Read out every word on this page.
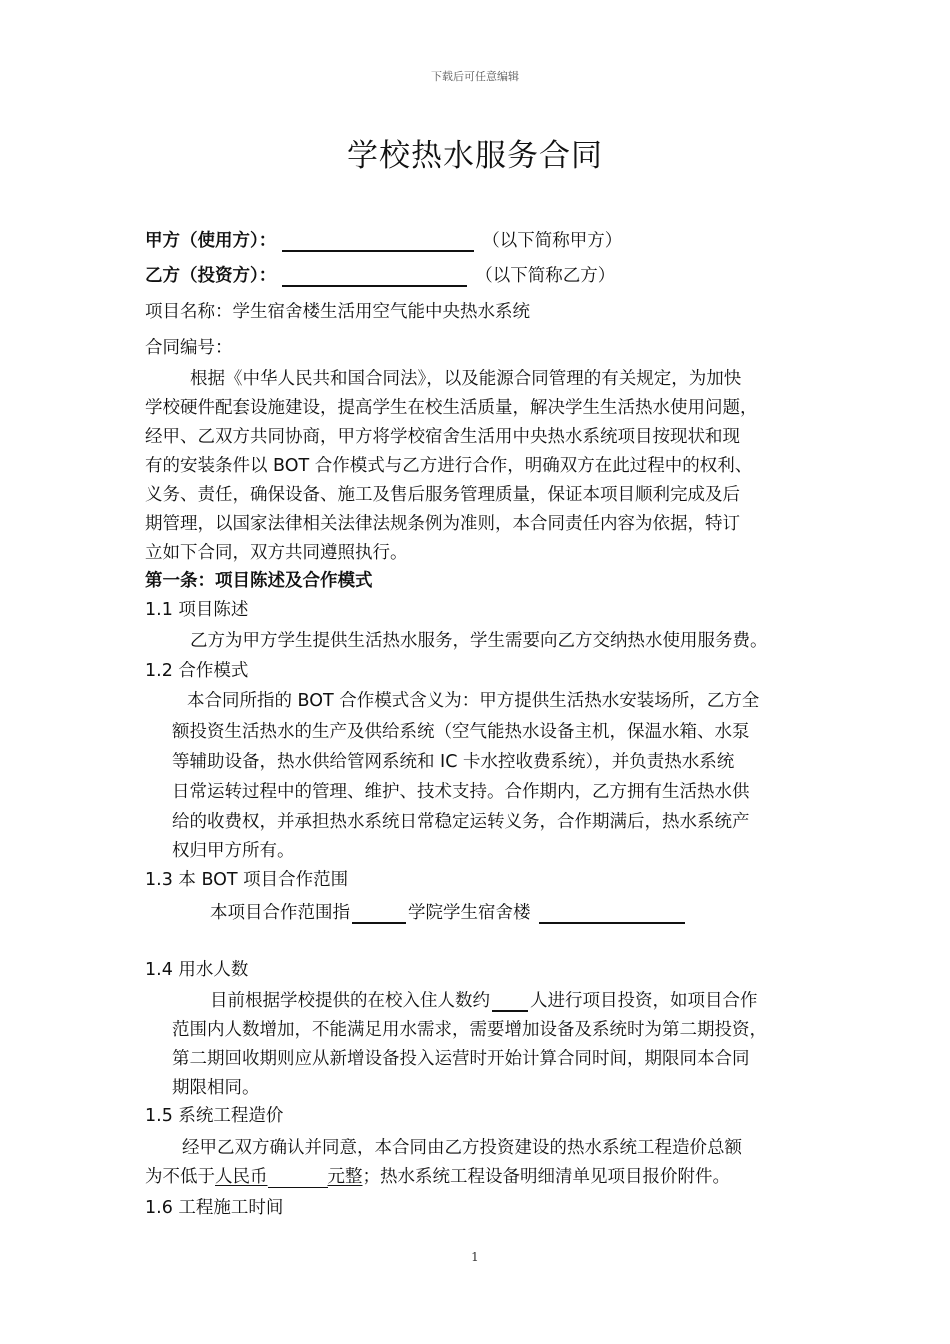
下载后可任意编辑
学校热水服务合同
甲方（使用方）：	（以下简称甲方）
乙方（投资方）：	（以下简称乙方）
项目名称：学生宿舍楼生活用空气能中央热水系统
合同编号：
根据《中华人民共和国合同法》，以及能源合同管理的有关规定，为加快
学校硬件配套设施建设，提高学生在校生活质量，解决学生生活热水使用问题，
经甲、乙双方共同协商，甲方将学校宿舍生活用中央热水系统项目按现状和现
有的安装条件以 BOT 合作模式与乙方进行合作，明确双方在此过程中的权利、
义务、责任，确保设备、施工及售后服务管理质量，保证本项目顺利完成及后
期管理，以国家法律相关法律法规条例为准则，本合同责任内容为依据，特订
立如下合同，双方共同遵照执行。
第一条：项目陈述及合作模式
1.1 项目陈述
乙方为甲方学生提供生活热水服务，学生需要向乙方交纳热水使用服务费。
1.2 合作模式
本合同所指的 BOT 合作模式含义为：甲方提供生活热水安装场所，乙方全
额投资生活热水的生产及供给系统（空气能热水设备主机，保温水箱、水泵
等辅助设备，热水供给管网系统和 IC 卡水控收费系统），并负责热水系统
日常运转过程中的管理、维护、技术支持。合作期内，乙方拥有生活热水供
给的收费权，并承担热水系统日常稳定运转义务，合作期满后，热水系统产
权归甲方所有。
1.3 本 BOT 项目合作范围
本项目合作范围指	学院学生宿舍楼
1.4 用水人数
目前根据学校提供的在校入住人数约 人进行项目投资，如项目合作
范围内人数增加，不能满足用水需求，需要增加设备及系统时为第二期投资，
第二期回收期则应从新增设备投入运营时开始计算合同时间，期限同本合同
期限相同。
1.5 系统工程造价
经甲乙双方确认并同意，本合同由乙方投资建设的热水系统工程造价总额
为不低于人民币	元整；热水系统工程设备明细清单见项目报价附件。
1.6 工程施工时间
1
